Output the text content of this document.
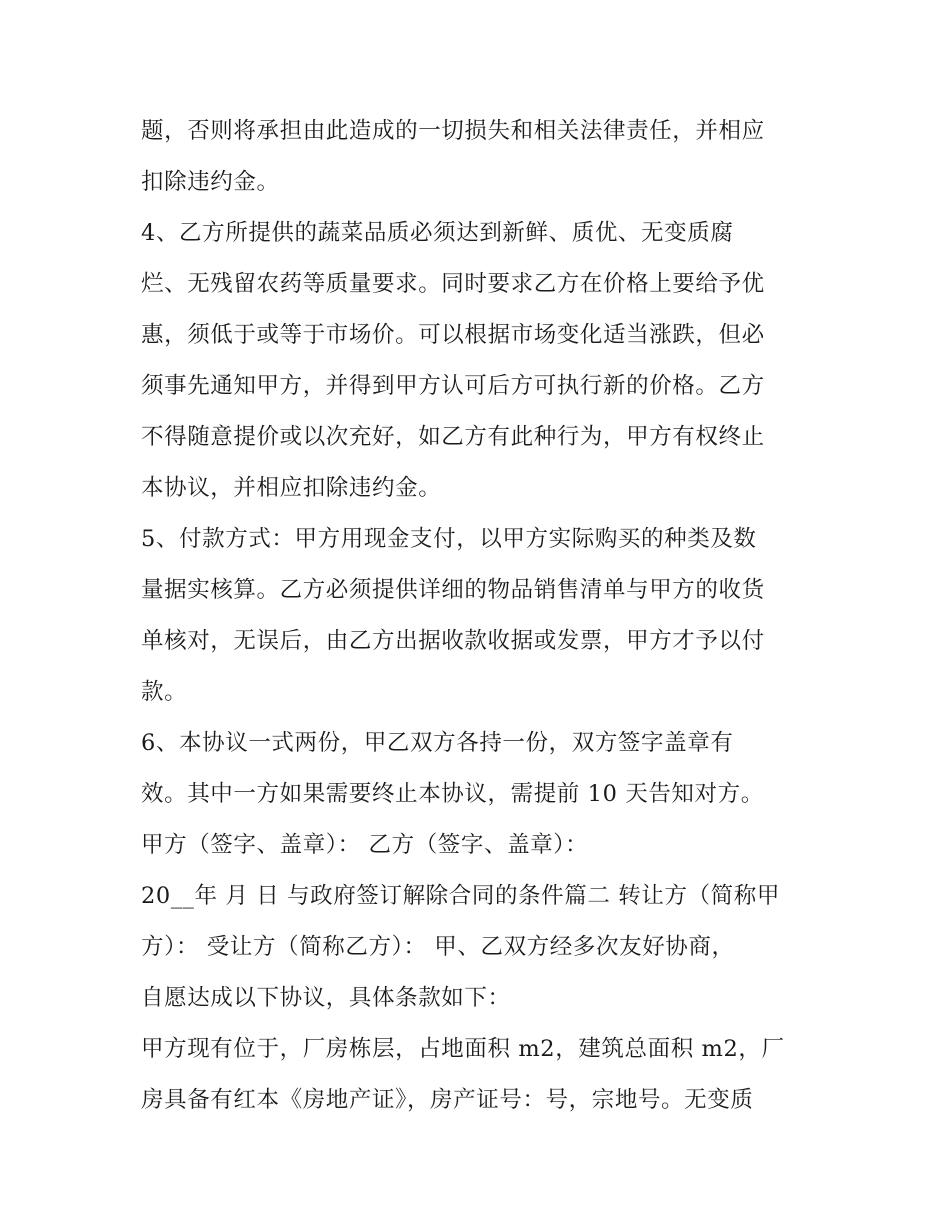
题，否则将承担由此造成的一切损失和相关法律责任，并相应
扣除违约金。
4、乙方所提供的蔬菜品质必须达到新鲜、质优、无变质腐
烂、无残留农药等质量要求。同时要求乙方在价格上要给予优
惠，须低于或等于市场价。可以根据市场变化适当涨跌，但必
须事先通知甲方，并得到甲方认可后方可执行新的价格。乙方
不得随意提价或以次充好，如乙方有此种行为，甲方有权终止
本协议，并相应扣除违约金。
5、付款方式：甲方用现金支付，以甲方实际购买的种类及数
量据实核算。乙方必须提供详细的物品销售清单与甲方的收货
单核对，无误后，由乙方出据收款收据或发票，甲方才予以付
款。
6、本协议一式两份，甲乙双方各持一份，双方签字盖章有
效。其中一方如果需要终止本协议，需提前 10 天告知对方。
甲方（签字、盖章）： 乙方（签字、盖章）：
20__年 月 日 与政府签订解除合同的条件篇二 转让方（简称甲
方）： 受让方（简称乙方）： 甲、乙双方经多次友好协商，
自愿达成以下协议，具体条款如下：
甲方现有位于，厂房栋层，占地面积 m2，建筑总面积 m2，厂
房具备有红本《房地产证》，房产证号：号，宗地号。无变质
